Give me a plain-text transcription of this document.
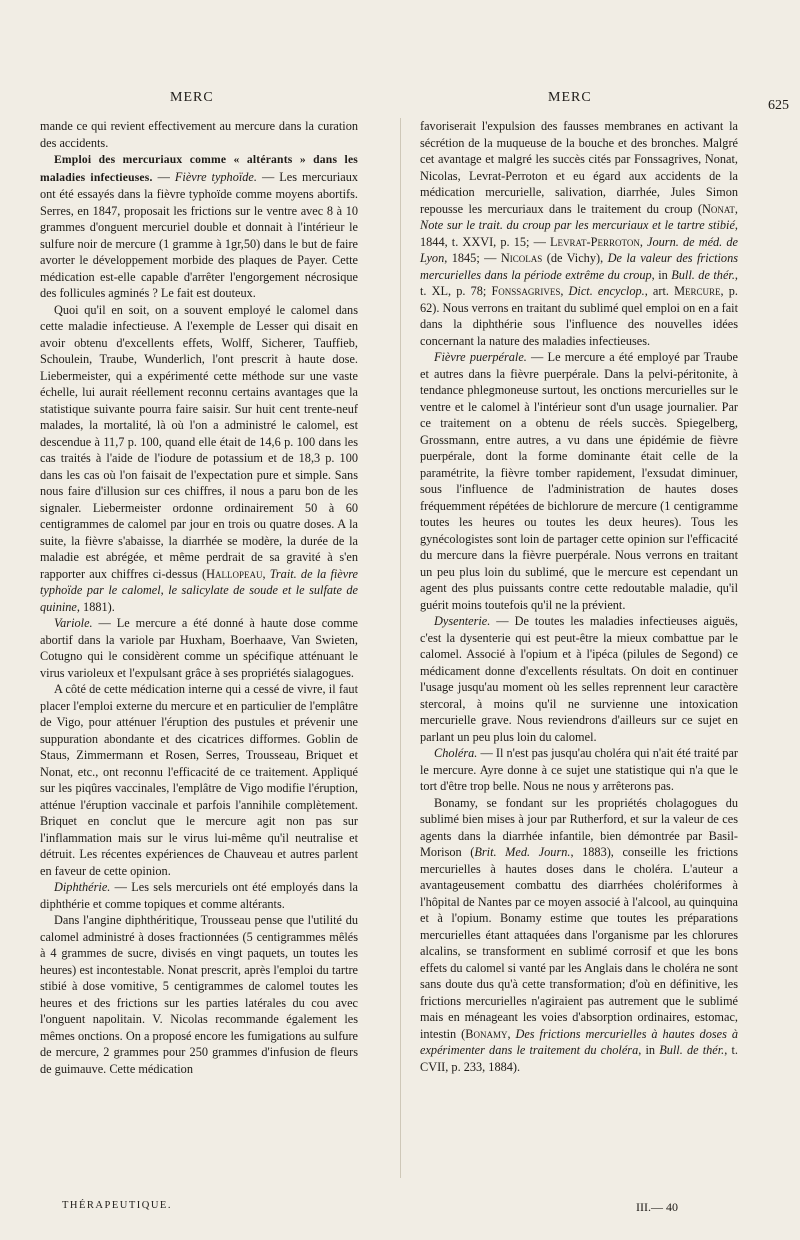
MERC	MERC
625

mande ce qui revient effectivement au mercure dans la curation des accidents.

Emploi des mercuriaux comme « altérants » dans les maladies infectieuses. — Fièvre typhoïde. — Les mercuriaux ont été essayés dans la fièvre typhoïde comme moyens abortifs. Serres, en 1847, proposait les frictions sur le ventre avec 8 à 10 grammes d'onguent mercuriel double et donnait à l'intérieur le sulfure noir de mercure (1 gramme à 1gr,50) dans le but de faire avorter le développement morbide des plaques de Payer. Cette médication est-elle capable d'arrêter l'engorgement nécrosique des follicules agminés ? Le fait est douteux.

Quoi qu'il en soit, on a souvent employé le calomel dans cette maladie infectieuse. A l'exemple de Lesser qui disait en avoir obtenu d'excellents effets, Wolff, Sicherer, Tauffieb, Schoulein, Traube, Wunderlich, l'ont prescrit à haute dose. Liebermeister, qui a expérimenté cette méthode sur une vaste échelle, lui aurait réellement reconnu certains avantages que la statistique suivante pourra faire saisir. Sur huit cent trente-neuf malades, la mortalité, là où l'on a administré le calomel, est descendue à 11,7 p. 100, quand elle était de 14,6 p. 100 dans les cas traités à l'aide de l'iodure de potassium et de 18,3 p. 100 dans les cas où l'on faisait de l'expectation pure et simple. Sans nous faire d'illusion sur ces chiffres, il nous a paru bon de les signaler. Liebermeister ordonne ordinairement 50 à 60 centigrammes de calomel par jour en trois ou quatre doses. A la suite, la fièvre s'abaisse, la diarrhée se modère, la durée de la maladie est abrégée, et même perdrait de sa gravité à s'en rapporter aux chiffres ci-dessus (Hallopeau, Trait. de la fièvre typhoïde par le calomel, le salicylate de soude et le sulfate de quinine, 1881).

Variole. — Le mercure a été donné à haute dose comme abortif dans la variole par Huxham, Boerhaave, Van Swieten, Cotugno qui le considèrent comme un spécifique atténuant le virus varioleux et l'expulsant grâce à ses propriétés sialagogues.

A côté de cette médication interne qui a cessé de vivre, il faut placer l'emploi externe du mercure et en particulier de l'emplâtre de Vigo, pour atténuer l'éruption des pustules et prévenir une suppuration abondante et des cicatrices difformes. Goblin de Staus, Zimmermann et Rosen, Serres, Trousseau, Briquet et Nonat, etc., ont reconnu l'efficacité de ce traitement. Appliqué sur les piqûres vaccinales, l'emplâtre de Vigo modifie l'éruption, atténue l'éruption vaccinale et parfois l'annihile complètement. Briquet en conclut que le mercure agit non pas sur l'inflammation mais sur le virus lui-même qu'il neutralise et détruit. Les récentes expériences de Chauveau et autres parlent en faveur de cette opinion.

Diphthérie. — Les sels mercuriels ont été employés dans la diphthérie et comme topiques et comme altérants.

Dans l'angine diphthéritique, Trousseau pense que l'utilité du calomel administré à doses fractionnées (5 centigrammes mêlés à 4 grammes de sucre, divisés en vingt paquets, un toutes les heures) est incontestable. Nonat prescrit, après l'emploi du tartre stibié à dose vomitive, 5 centigrammes de calomel toutes les heures et des frictions sur les parties latérales du cou avec l'onguent napolitain. V. Nicolas recommande également les mêmes onctions. On a proposé encore les fumigations au sulfure de mercure, 2 grammes pour 250 grammes d'infusion de fleurs de guimauve. Cette médication

favoriserait l'expulsion des fausses membranes en activant la sécrétion de la muqueuse de la bouche et des bronches. Malgré cet avantage et malgré les succès cités par Fonssagrives, Nonat, Nicolas, Levrat-Perroton et eu égard aux accidents de la médication mercurielle, salivation, diarrhée, Jules Simon repousse les mercuriaux dans le traitement du croup (Nonat, Note sur le trait. du croup par les mercuriaux et le tartre stibié, 1844, t. XXVI, p. 15; — Levrat-Perroton, Journ. de méd. de Lyon, 1845; — Nicolas (de Vichy), De la valeur des frictions mercurielles dans la période extrême du croup, in Bull. de thér., t. XL, p. 78; Fonssagrives, Dict. encyclop., art. Mercure, p. 62). Nous verrons en traitant du sublimé quel emploi on en a fait dans la diphthérie sous l'influence des nouvelles idées concernant la nature des maladies infectieuses.

Fièvre puerpérale. — Le mercure a été employé par Traube et autres dans la fièvre puerpérale. Dans la pelvi-péritonite, à tendance phlegmoneuse surtout, les onctions mercurielles sur le ventre et le calomel à l'intérieur sont d'un usage journalier. Par ce traitement on a obtenu de réels succès. Spiegelberg, Grossmann, entre autres, a vu dans une épidémie de fièvre puerpérale, dont la forme dominante était celle de la paramétrite, la fièvre tomber rapidement, l'exsudat diminuer, sous l'influence de l'administration de hautes doses fréquemment répétées de bichlorure de mercure (1 centigramme toutes les heures ou toutes les deux heures). Tous les gynécologistes sont loin de partager cette opinion sur l'efficacité du mercure dans la fièvre puerpérale. Nous verrons en traitant un peu plus loin du sublimé, que le mercure est cependant un agent des plus puissants contre cette redoutable maladie, qu'il guérit moins toutefois qu'il ne la prévient.

Dysenterie. — De toutes les maladies infectieuses aiguës, c'est la dysenterie qui est peut-être la mieux combattue par le calomel. Associé à l'opium et à l'ipéca (pilules de Segond) ce médicament donne d'excellents résultats. On doit en continuer l'usage jusqu'au moment où les selles reprennent leur caractère stercoral, à moins qu'il ne survienne une intoxication mercurielle grave. Nous reviendrons d'ailleurs sur ce sujet en parlant un peu plus loin du calomel.

Choléra. — Il n'est pas jusqu'au choléra qui n'ait été traité par le mercure. Ayre donne à ce sujet une statistique qui n'a que le tort d'être trop belle. Nous ne nous y arrêterons pas.

Bonamy, se fondant sur les propriétés cholagogues du sublimé bien mises à jour par Rutherford, et sur la valeur de ces agents dans la diarrhée infantile, bien démontrée par Basil-Morison (Brit. Med. Journ., 1883), conseille les frictions mercurielles à hautes doses dans le choléra. L'auteur a avantageusement combattu des diarrhées cholériformes à l'hôpital de Nantes par ce moyen associé à l'alcool, au quinquina et à l'opium. Bonamy estime que toutes les préparations mercurielles étant attaquées dans l'organisme par les chlorures alcalins, se transforment en sublimé corrosif et que les bons effets du calomel si vanté par les Anglais dans le choléra ne sont sans doute dus qu'à cette transformation; d'où en définitive, les frictions mercurielles n'agiraient pas autrement que le sublimé mais en ménageant les voies d'absorption ordinaires, estomac, intestin (Bonamy, Des frictions mercurielles à hautes doses à expérimenter dans le traitement du choléra, in Bull. de thér., t. CVII, p. 233, 1884).

THÉRAPEUTIQUE.	III.— 40
